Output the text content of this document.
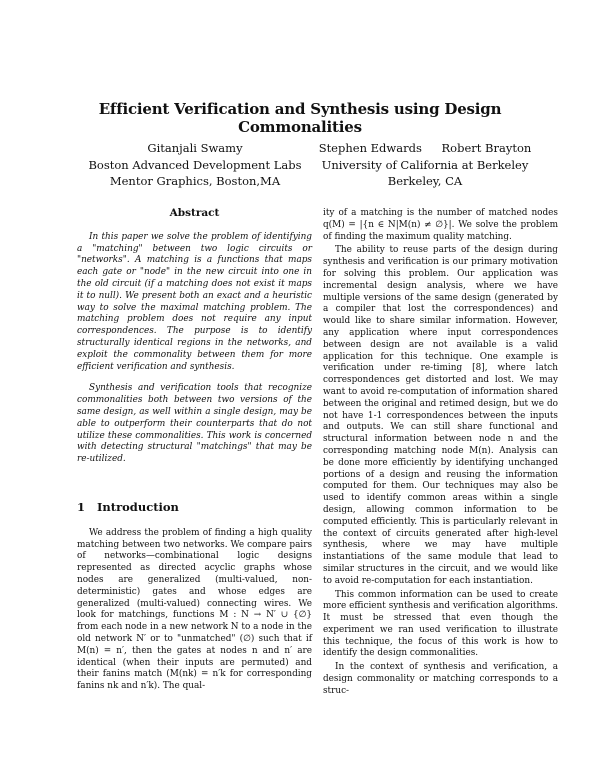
Efficient Verification and Synthesis using Design Commonalities
Gitanjali Swamy
Boston Advanced Development Labs
Mentor Graphics, Boston,MA
Stephen Edwards Robert Brayton
University of California at Berkeley
Berkeley, CA
Abstract

In this paper we solve the problem of identifying a "matching" between two logic circuits or "networks". A matching is a functions that maps each gate or "node" in the new circuit into one in the old circuit (if a matching does not exist it maps it to null). We present both an exact and a heuristic way to solve the maximal matching problem. The matching problem does not require any input correspondences. The purpose is to identify structurally identical regions in the networks, and exploit the commonality between them for more efficient verification and synthesis.

Synthesis and verification tools that recognize commonalities both between two versions of the same design, as well within a single design, may be able to outperform their counterparts that do not utilize these commonalities. This work is concerned with detecting structural "matchings" that may be re-utilized.

1 Introduction

We address the problem of finding a high quality matching between two networks. We compare pairs of networks—combinational logic designs represented as directed acyclic graphs whose nodes are generalized (multi-valued, non-deterministic) gates and whose edges are generalized (multi-valued) connecting wires. We look for matchings, functions M : N → N′ ∪ {∅} from each node in a new network N to a node in the old network N′ or to "unmatched" (∅) such that if M(n) = n′, then the gates at nodes n and n′ are identical (when their inputs are permuted) and their fanins match (M(nk) = n′k for corresponding fanins nk and n′k). The qual-

ity of a matching is the number of matched nodes q(M) = |{n ∈ N|M(n) ≠ ∅}|. We solve the problem of finding the maximum quality matching.

The ability to reuse parts of the design during synthesis and verification is our primary motivation for solving this problem. Our application was incremental design analysis, where we have multiple versions of the same design (generated by a compiler that lost the correspondences) and would like to share similar information. However, any application where input correspondences between design are not available is a valid application for this technique. One example is verification under re-timing [8], where latch correspondences get distorted and lost. We may want to avoid re-computation of information shared between the original and retimed design, but we do not have 1-1 correspondences between the inputs and outputs. We can still share functional and structural information between node n and the corresponding matching node M(n). Analysis can be done more efficiently by identifying unchanged portions of a design and reusing the information computed for them. Our techniques may also be used to identify common areas within a single design, allowing common information to be computed efficiently. This is particularly relevant in the context of circuits generated after high-level synthesis, where we may have multiple instantiations of the same module that lead to similar structures in the circuit, and we would like to avoid re-computation for each instantiation.

This common information can be used to create more efficient synthesis and verification algorithms. It must be stressed that even though the experiment we ran used verification to illustrate this technique, the focus of this work is how to identify the design commonalities.

In the context of synthesis and verification, a design commonality or matching corresponds to a struc-
